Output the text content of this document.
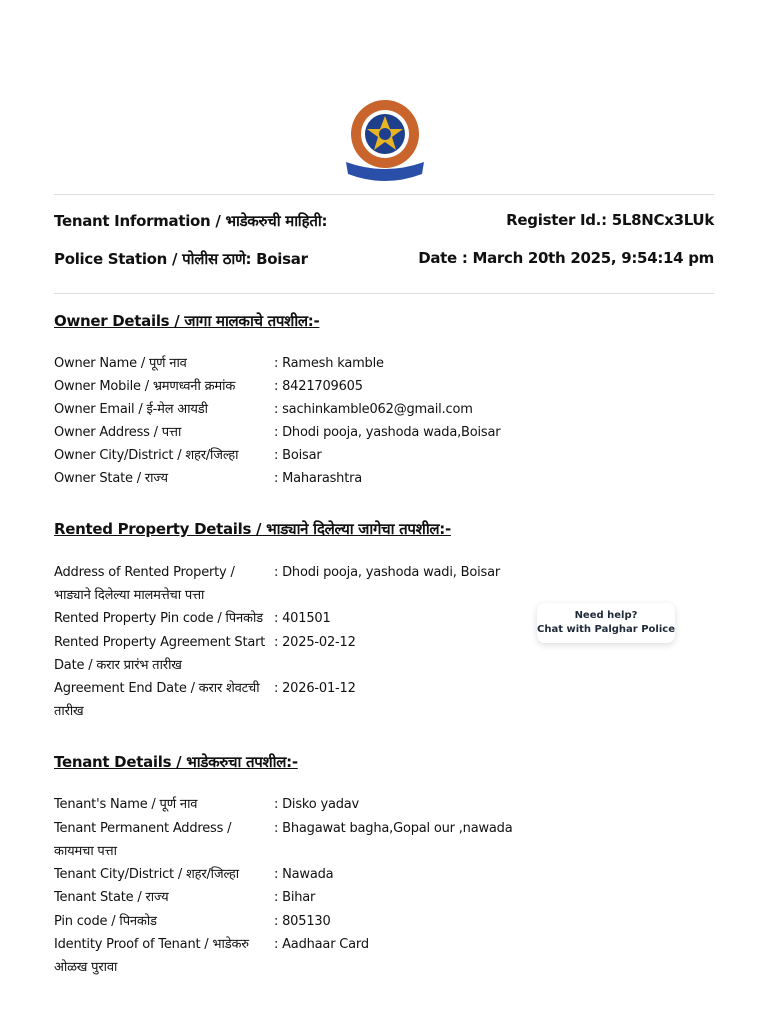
Tenant Information / भाडेकरुची माहिती:	Register Id.: 5L8NCx3LUk
Police Station / पोलीस ठाणे: Boisar	Date : March 20th 2025, 9:54:14 pm
Owner Details / जागा मालकाचे तपशील:-
Owner Name / पूर्ण नाव	: Ramesh kamble
Owner Mobile / भ्रमणध्वनी क्रमांक	: 8421709605
Owner Email / ई-मेल आयडी	: sachinkamble062@gmail.com
Owner Address / पत्ता	: Dhodi pooja, yashoda wada,Boisar
Owner City/District / शहर/जिल्हा	: Boisar
Owner State / राज्य	: Maharashtra
Rented Property Details / भाड्याने दिलेल्या जागेचा तपशील:-
Address of Rented Property / भाड्याने दिलेल्या मालमत्तेचा पत्ता
: Dhodi pooja, yashoda wadi, Boisar
Rented Property Pin code / पिनकोड : 401501
Rented Property Agreement Start Date / करार प्रारंभ तारीख
: 2025-02-12
Agreement End Date / करार शेवटची तारीख
: 2026-01-12
Tenant Details / भाडेकरुचा तपशील:-
Tenant's Name / पूर्ण नाव	: Disko yadav
Tenant Permanent Address / कायमचा पत्ता
: Bhagawat bagha,Gopal our ,nawada
Tenant City/District / शहर/जिल्हा	: Nawada
Tenant State / राज्य	: Bihar
Pin code / पिनकोड	: 805130
Identity Proof of Tenant / भाडेकरु ओळख पुरावा
: Aadhaar Card
Need help?
Chat with Palghar Police
